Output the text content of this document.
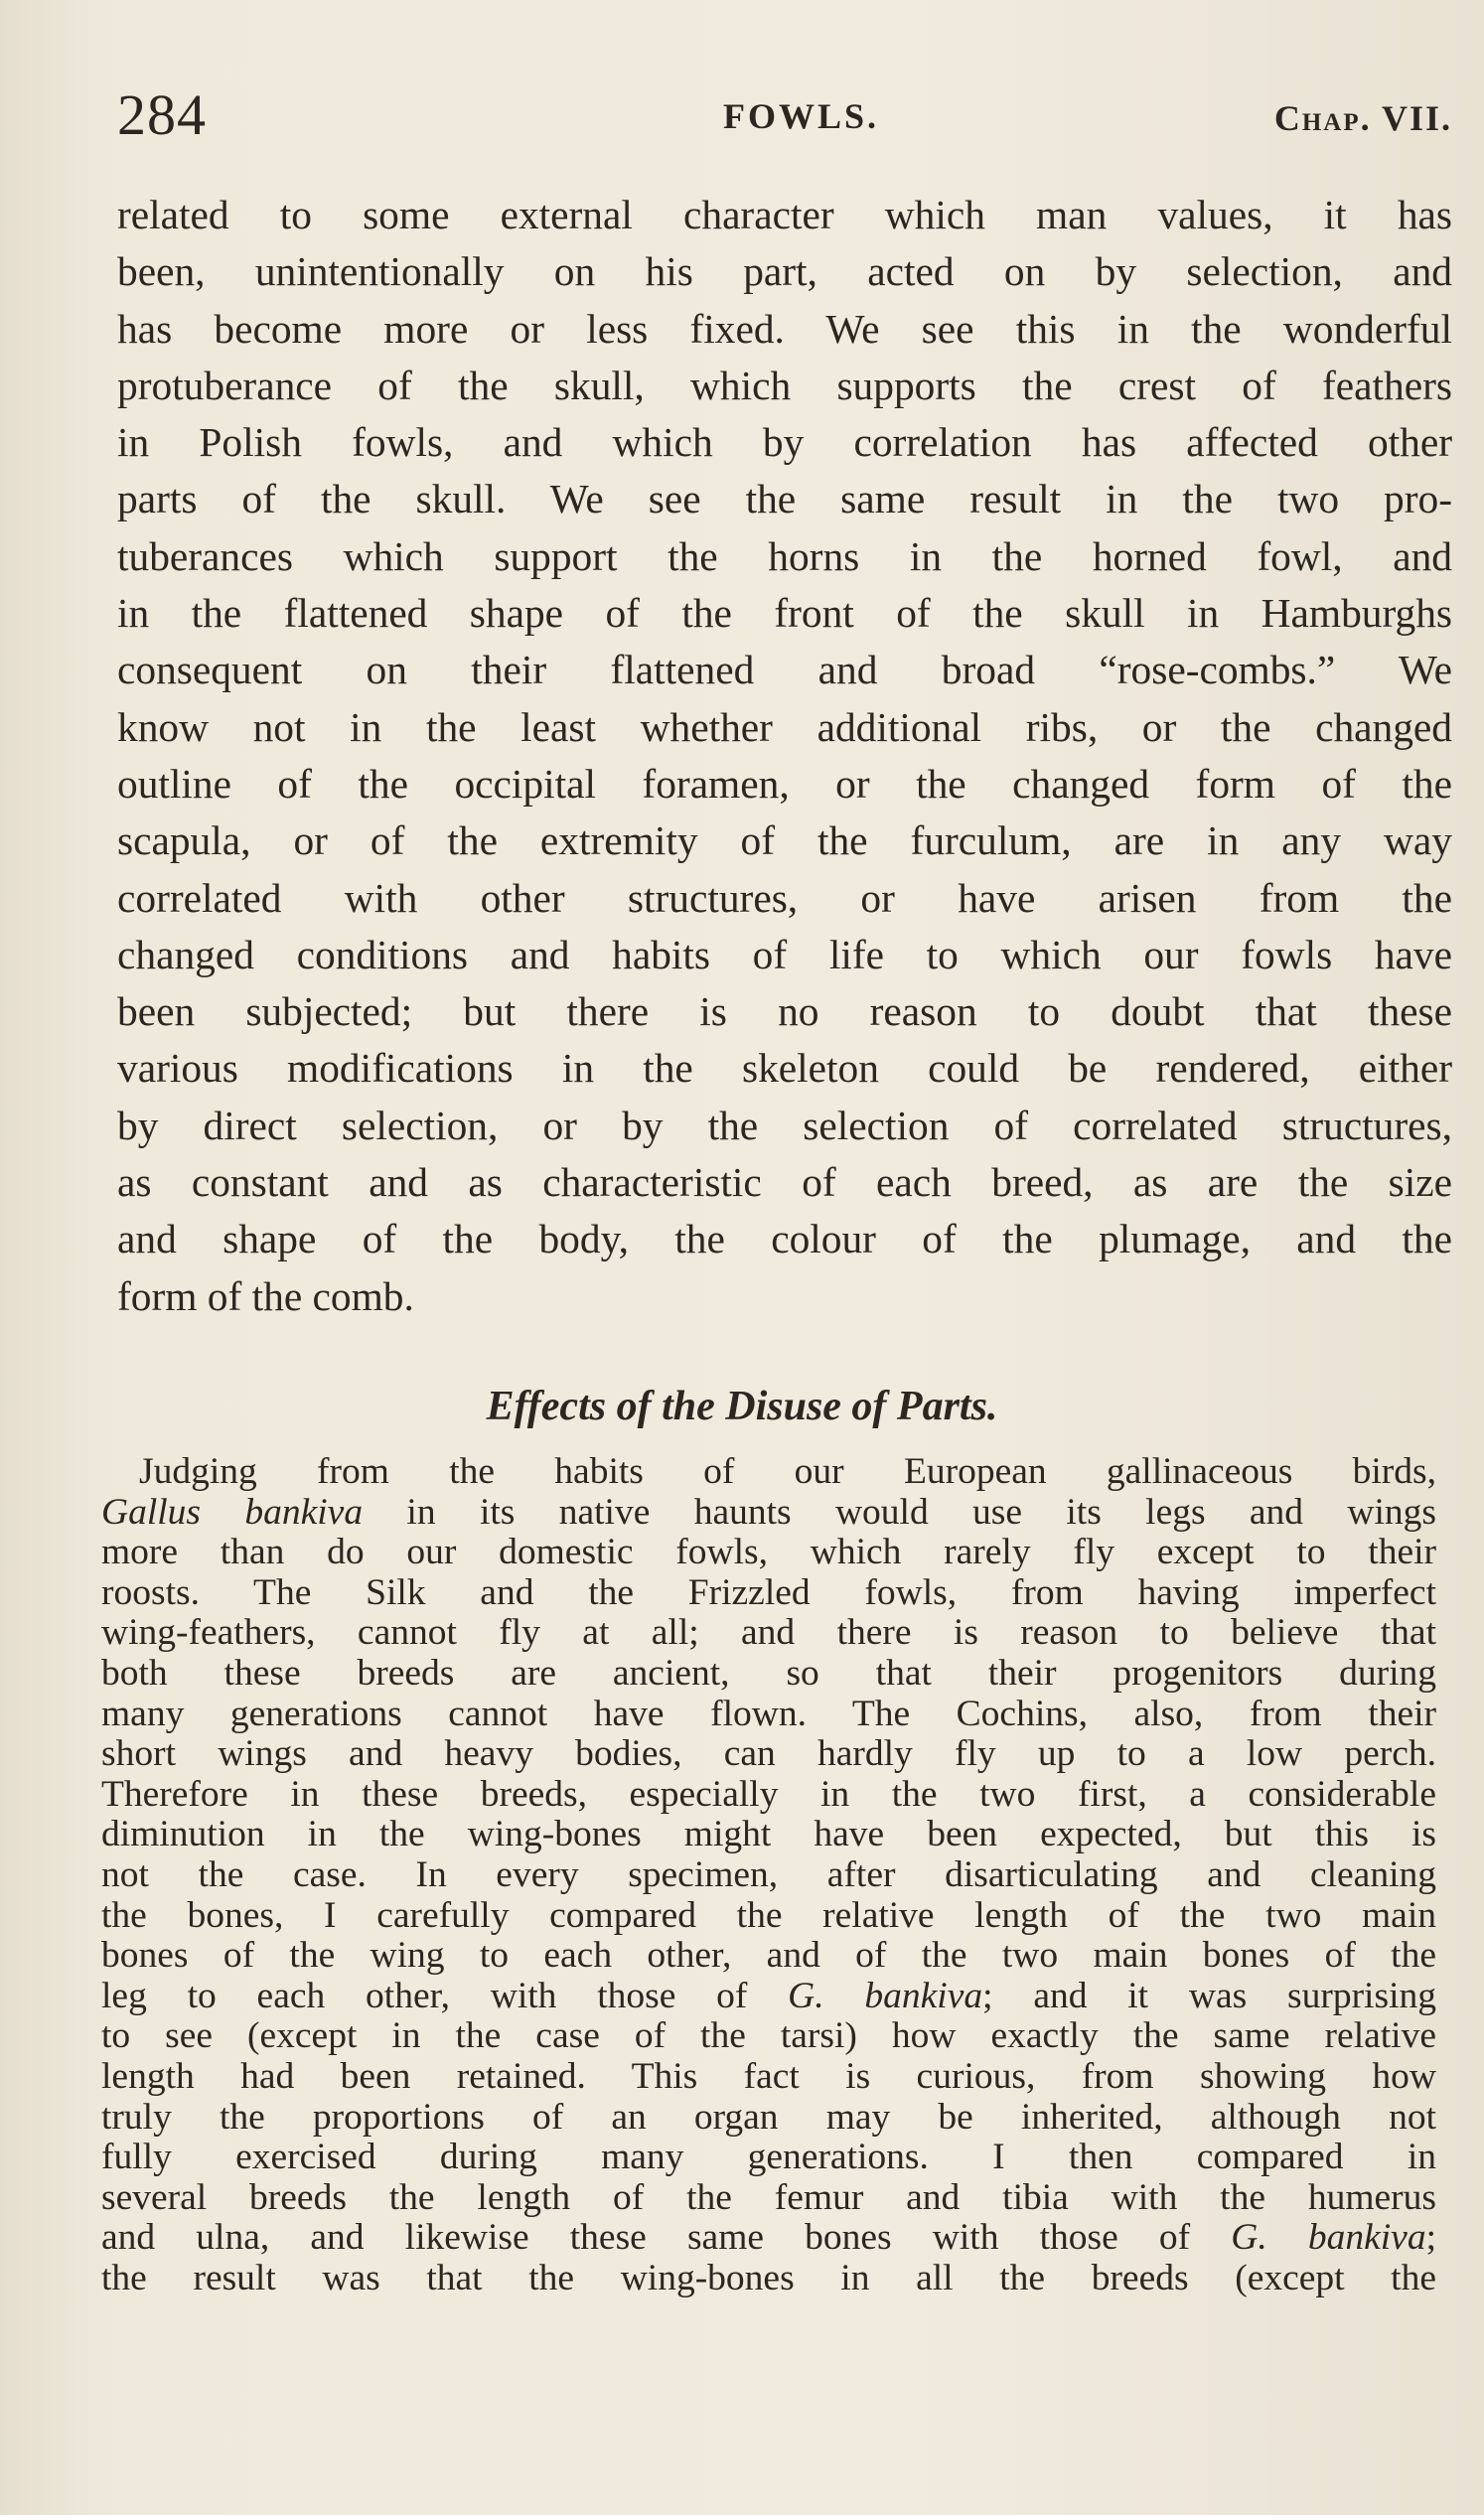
284	FOWLS.	Chap. VII.
related to some external character which man values, it has
been, unintentionally on his part, acted on by selection, and
has become more or less fixed. We see this in the wonderful
protuberance of the skull, which supports the crest of feathers
in Polish fowls, and which by correlation has affected other
parts of the skull. We see the same result in the two pro-
tuberances which support the horns in the horned fowl, and
in the flattened shape of the front of the skull in Hamburghs
consequent on their flattened and broad “rose-combs.” We
know not in the least whether additional ribs, or the changed
outline of the occipital foramen, or the changed form of the
scapula, or of the extremity of the furculum, are in any way
correlated with other structures, or have arisen from the
changed conditions and habits of life to which our fowls have
been subjected; but there is no reason to doubt that these
various modifications in the skeleton could be rendered, either
by direct selection, or by the selection of correlated structures,
as constant and as characteristic of each breed, as are the size
and shape of the body, the colour of the plumage, and the
form of the comb.
Effects of the Disuse of Parts.
Judging from the habits of our European gallinaceous birds,
Gallus bankiva in its native haunts would use its legs and wings
more than do our domestic fowls, which rarely fly except to their
roosts. The Silk and the Frizzled fowls, from having imperfect
wing-feathers, cannot fly at all; and there is reason to believe that
both these breeds are ancient, so that their progenitors during
many generations cannot have flown. The Cochins, also, from their
short wings and heavy bodies, can hardly fly up to a low perch.
Therefore in these breeds, especially in the two first, a considerable
diminution in the wing-bones might have been expected, but this is
not the case. In every specimen, after disarticulating and cleaning
the bones, I carefully compared the relative length of the two main
bones of the wing to each other, and of the two main bones of the
leg to each other, with those of G. bankiva; and it was surprising
to see (except in the case of the tarsi) how exactly the same relative
length had been retained. This fact is curious, from showing how
truly the proportions of an organ may be inherited, although not
fully exercised during many generations. I then compared in
several breeds the length of the femur and tibia with the humerus
and ulna, and likewise these same bones with those of G. bankiva;
the result was that the wing-bones in all the breeds (except the
